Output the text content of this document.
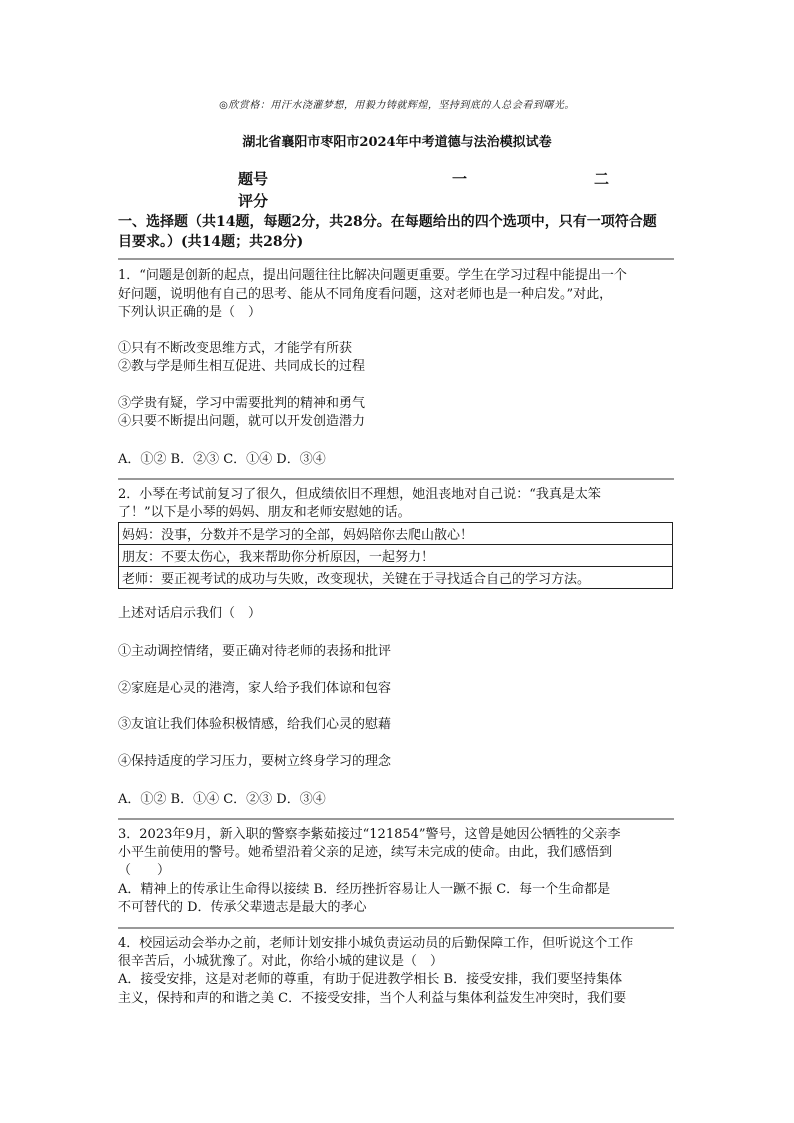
◎欣赏格：用汗水浇灌梦想，用毅力铸就辉煌，坚持到底的人总会看到曙光。
湖北省襄阳市枣阳市2024年中考道德与法治模拟试卷
题号	一	二
评分
一、选择题（共14题，每题2分，共28分。在每题给出的四个选项中，只有一项符合题
目要求。）(共14题；共28分)
1．“问题是创新的起点，提出问题往往比解决问题更重要。学生在学习过程中能提出一个
好问题，说明他有自己的思考、能从不同角度看问题，这对老师也是一种启发。”对此，
下列认识正确的是（　）
①只有不断改变思维方式，才能学有所获
②教与学是师生相互促进、共同成长的过程
③学贵有疑，学习中需要批判的精神和勇气
④只要不断提出问题，就可以开发创造潜力
A．①② B．②③ C．①④ D．③④
2．小琴在考试前复习了很久，但成绩依旧不理想，她沮丧地对自己说：“我真是太笨
了！”以下是小琴的妈妈、朋友和老师安慰她的话。
妈妈：没事，分数并不是学习的全部，妈妈陪你去爬山散心！
朋友：不要太伤心，我来帮助你分析原因，一起努力！
老师：要正视考试的成功与失败，改变现状，关键在于寻找适合自己的学习方法。
上述对话启示我们（　）
①主动调控情绪，要正确对待老师的表扬和批评
②家庭是心灵的港湾，家人给予我们体谅和包容
③友谊让我们体验积极情感，给我们心灵的慰藉
④保持适度的学习压力，要树立终身学习的理念
A．①② B．①④ C．②③ D．③④
3．2023年9月，新入职的警察李紫茹接过“121854”警号，这曾是她因公牺牲的父亲李
小平生前使用的警号。她希望沿着父亲的足迹，续写未完成的使命。由此，我们感悟到
（　　）
A．精神上的传承让生命得以接续 B．经历挫折容易让人一蹶不振 C．每一个生命都是
不可替代的 D．传承父辈遗志是最大的孝心
4．校园运动会举办之前，老师计划安排小城负责运动员的后勤保障工作，但听说这个工作
很辛苦后，小城犹豫了。对此，你给小城的建议是（　）
A．接受安排，这是对老师的尊重，有助于促进教学相长 B．接受安排，我们要坚持集体
主义，保持和声的和谐之美 C．不接受安排，当个人利益与集体利益发生冲突时，我们要
